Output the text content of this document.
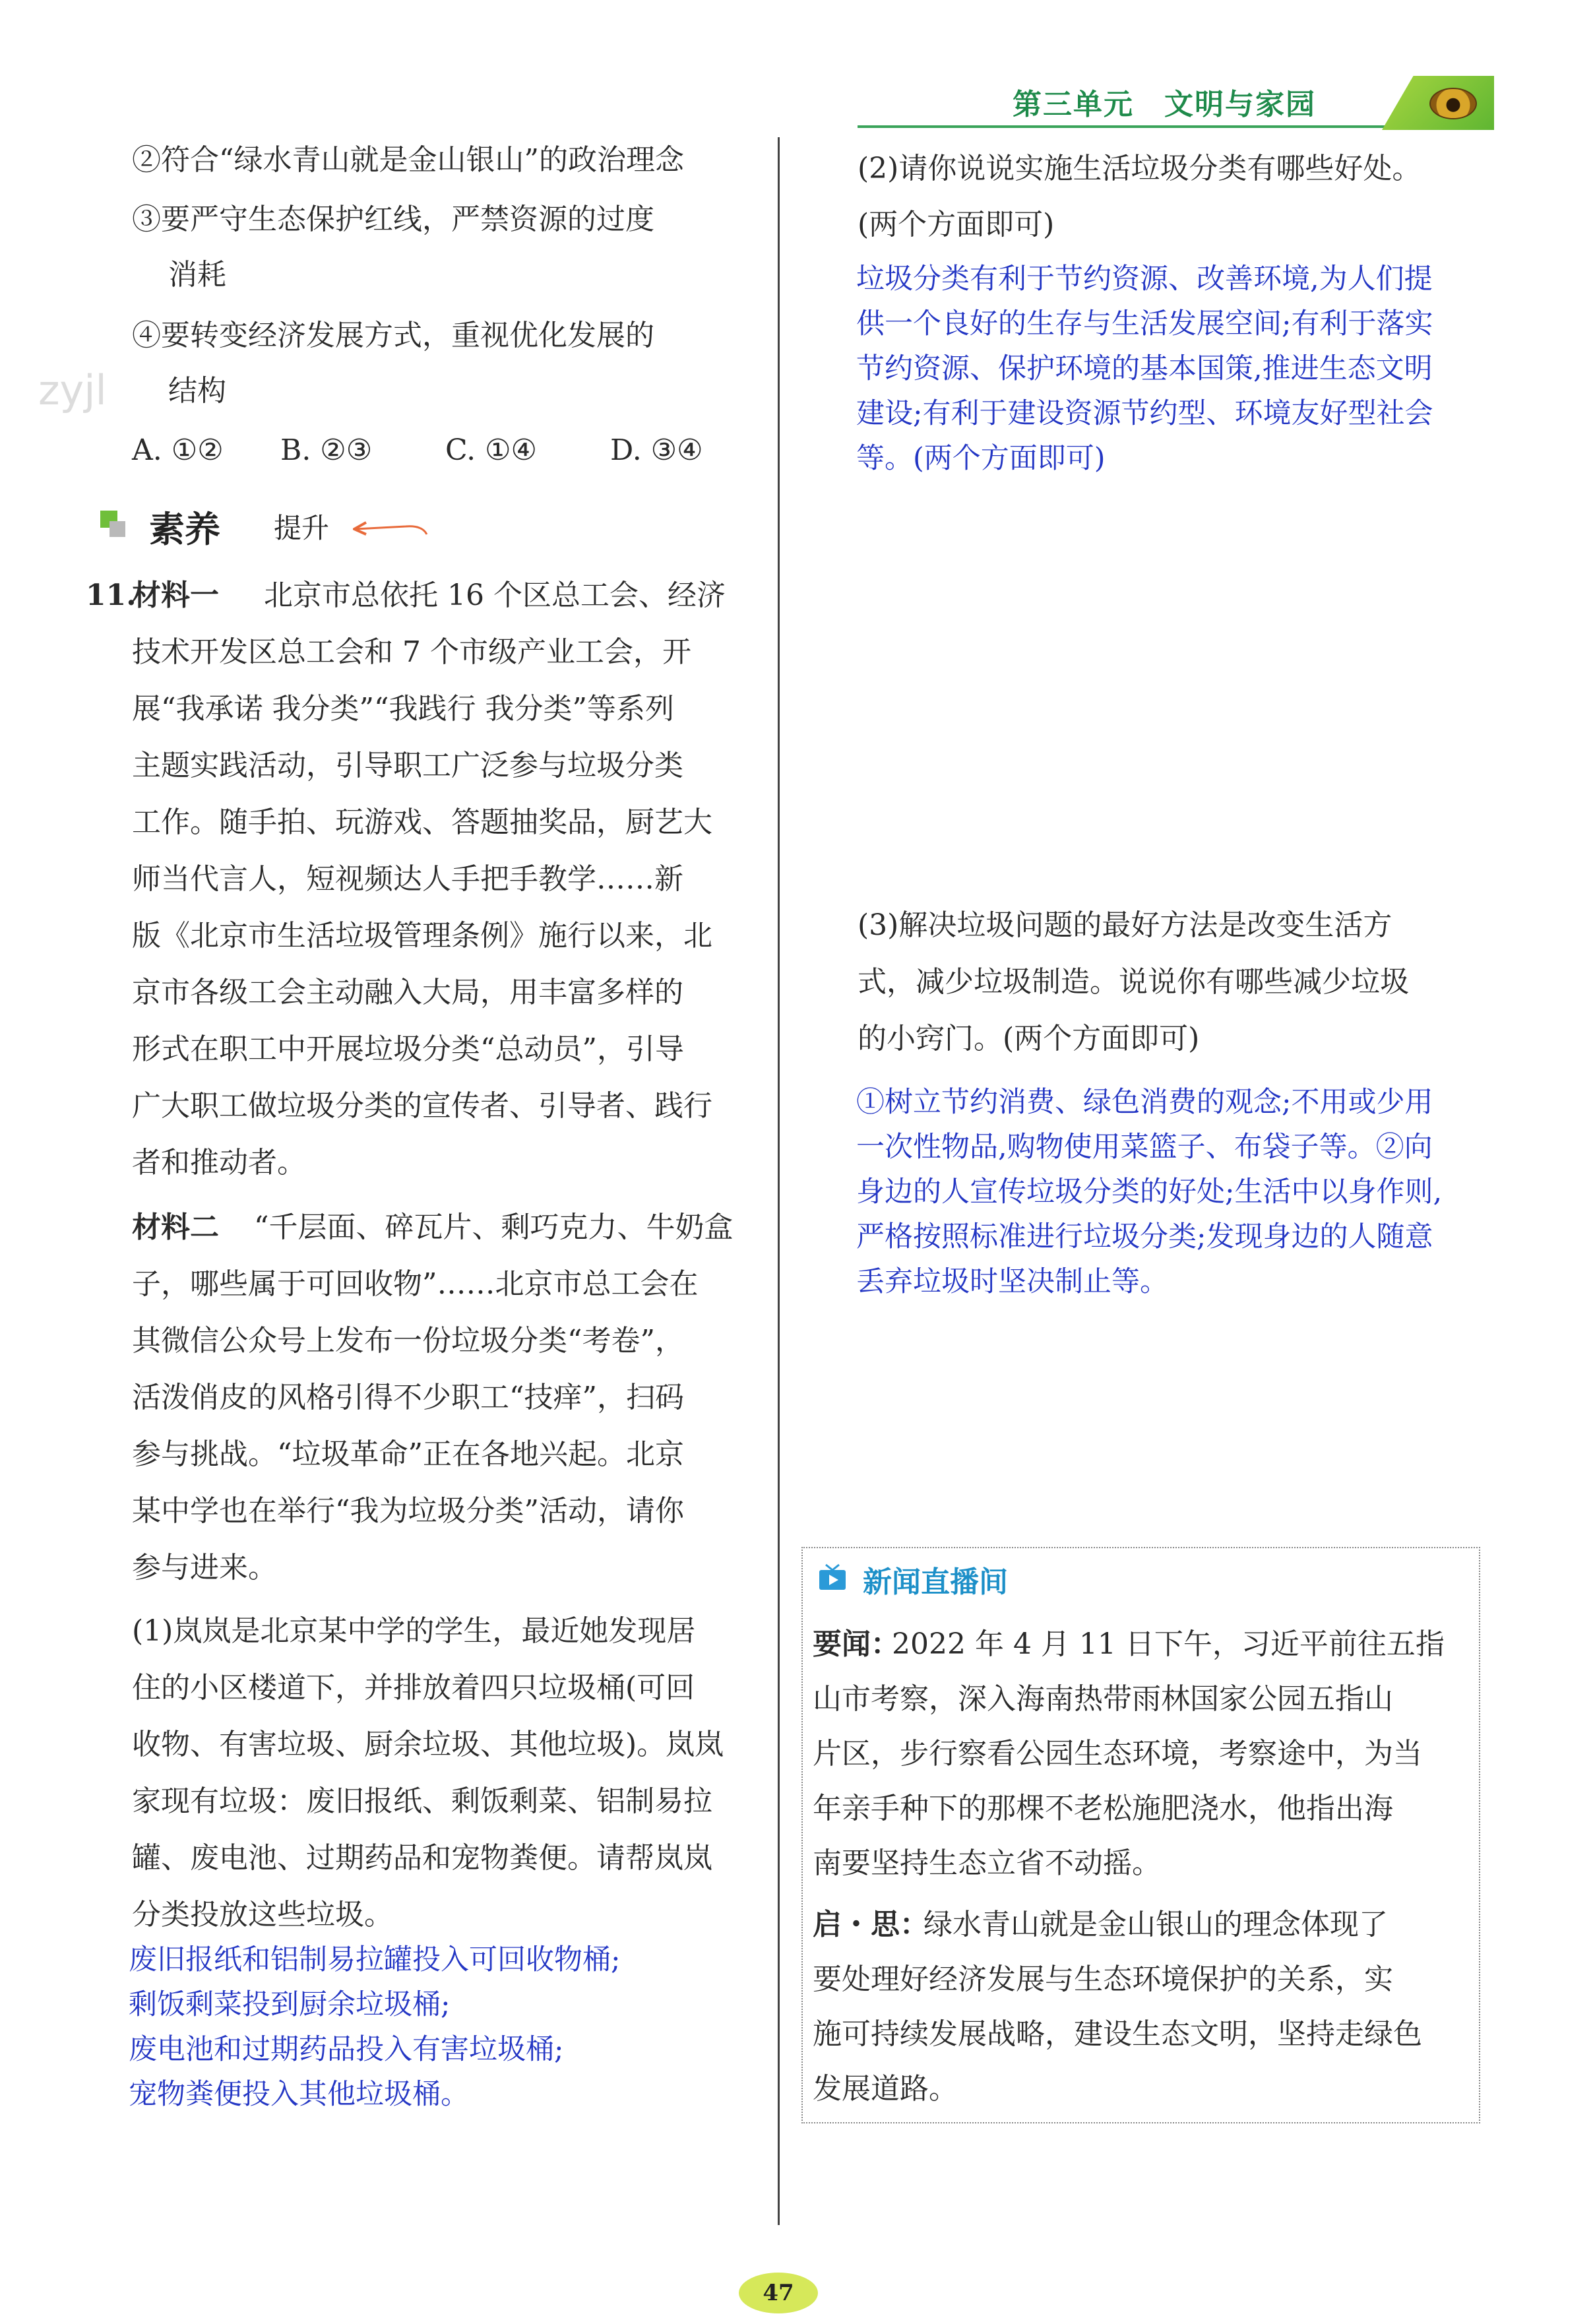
第三单元　 文明与家园
zyjl
②符合“绿水青山就是金山银山”的政治理念
③要严守生态保护红线，严禁资源的过度
消耗
④要转变经济发展方式，重视优化发展的
结构
A. ①② B. ②③	C. ①④	D. ③④
素养 提升
11.
材料一 北京市总依托 16 个区总工会、经济
技术开发区总工会和 7 个市级产业工会，开
展“我承诺 我分类”“我践行 我分类”等系列
主题实践活动，引导职工广泛参与垃圾分类
工作。随手拍、玩游戏、答题抽奖品，厨艺大
师当代言人，短视频达人手把手教学……新
版《北京市生活垃圾管理条例》施行以来，北
京市各级工会主动融入大局，用丰富多样的
形式在职工中开展垃圾分类“总动员”，引导
广大职工做垃圾分类的宣传者、引导者、践行
者和推动者。
材料二 “千层面、碎瓦片、剩巧克力、牛奶盒
子，哪些属于可回收物”……北京市总工会在
其微信公众号上发布一份垃圾分类“考卷”，
活泼俏皮的风格引得不少职工“技痒”，扫码
参与挑战。“垃圾革命”正在各地兴起。北京
某中学也在举行“我为垃圾分类”活动，请你
参与进来。
(1)岚岚是北京某中学的学生，最近她发现居
住的小区楼道下，并排放着四只垃圾桶(可回
收物、有害垃圾、厨余垃圾、其他垃圾)。岚岚
家现有垃圾：废旧报纸、剩饭剩菜、铝制易拉
罐、废电池、过期药品和宠物粪便。请帮岚岚
分类投放这些垃圾。
废旧报纸和铝制易拉罐投入可回收物桶;
剩饭剩菜投到厨余垃圾桶;
废电池和过期药品投入有害垃圾桶;
宠物粪便投入其他垃圾桶。
(2)请你说说实施生活垃圾分类有哪些好处。
(两个方面即可)
垃圾分类有利于节约资源、改善环境,为人们提
供一个良好的生存与生活发展空间;有利于落实
节约资源、保护环境的基本国策,推进生态文明
建设;有利于建设资源节约型、环境友好型社会
等。(两个方面即可)
(3)解决垃圾问题的最好方法是改变生活方
式，减少垃圾制造。说说你有哪些减少垃圾
的小窍门。(两个方面即可)
①树立节约消费、绿色消费的观念;不用或少用
一次性物品,购物使用菜篮子、布袋子等。②向
身边的人宣传垃圾分类的好处;生活中以身作则,
严格按照标准进行垃圾分类;发现身边的人随意
丢弃垃圾时坚决制止等。
新闻直播间
要闻：
2022 年 4 月 11 日下午，习近平前往五指
山市考察，深入海南热带雨林国家公园五指山
片区，步行察看公园生态环境，考察途中，为当
年亲手种下的那棵不老松施肥浇水，他指出海
南要坚持生态立省不动摇。
启・思：
绿水青山就是金山银山的理念体现了
要处理好经济发展与生态环境保护的关系，实
施可持续发展战略，建设生态文明，坚持走绿色
发展道路。
47
